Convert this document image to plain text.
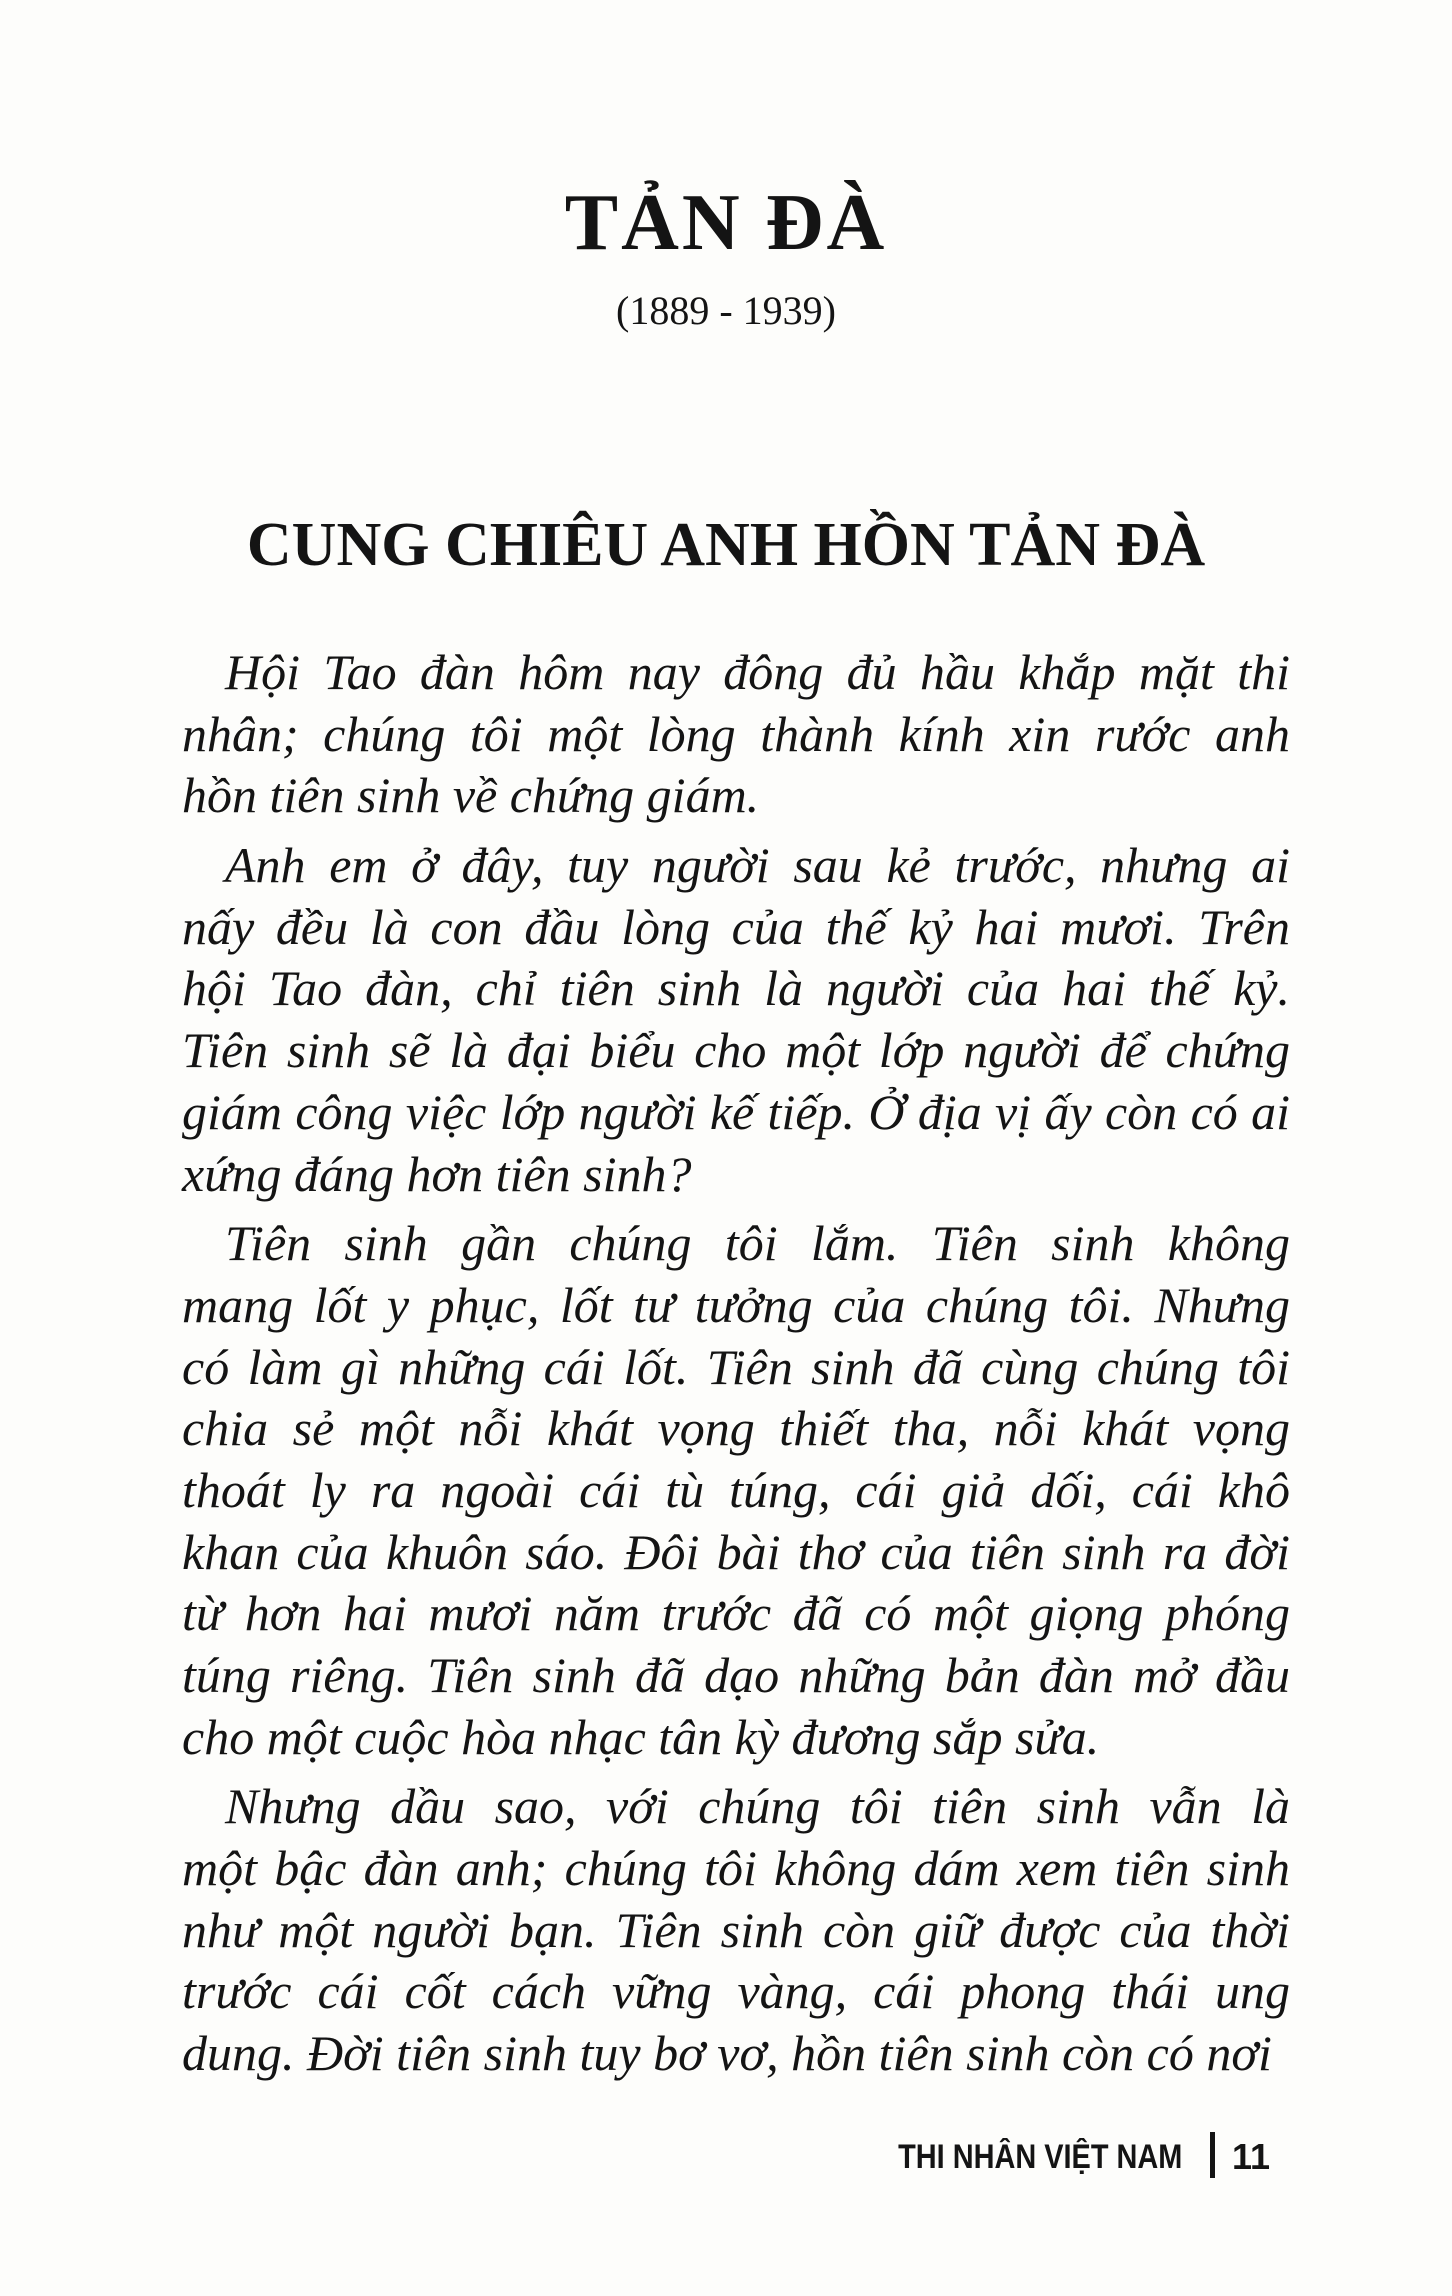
TẢN ĐÀ
(1889 - 1939)
CUNG CHIÊU ANH HỒN TẢN ĐÀ
Hội Tao đàn hôm nay đông đủ hầu khắp mặt thi
nhân; chúng tôi một lòng thành kính xin rước anh
hồn tiên sinh về chứng giám.
Anh em ở đây, tuy người sau kẻ trước, nhưng ai
nấy đều là con đầu lòng của thế kỷ hai mươi. Trên
hội Tao đàn, chỉ tiên sinh là người của hai thế kỷ.
Tiên sinh sẽ là đại biểu cho một lớp người để chứng
giám công việc lớp người kế tiếp. Ở địa vị ấy còn có ai
xứng đáng hơn tiên sinh?
Tiên sinh gần chúng tôi lắm. Tiên sinh không
mang lốt y phục, lốt tư tưởng của chúng tôi. Nhưng
có làm gì những cái lốt. Tiên sinh đã cùng chúng tôi
chia sẻ một nỗi khát vọng thiết tha, nỗi khát vọng
thoát ly ra ngoài cái tù túng, cái giả dối, cái khô
khan của khuôn sáo. Đôi bài thơ của tiên sinh ra đời
từ hơn hai mươi năm trước đã có một giọng phóng
túng riêng. Tiên sinh đã dạo những bản đàn mở đầu
cho một cuộc hòa nhạc tân kỳ đương sắp sửa.
Nhưng dầu sao, với chúng tôi tiên sinh vẫn là
một bậc đàn anh; chúng tôi không dám xem tiên sinh
như một người bạn. Tiên sinh còn giữ được của thời
trước cái cốt cách vững vàng, cái phong thái ung
dung. Đời tiên sinh tuy bơ vơ, hồn tiên sinh còn có nơi
THI NHÂN VIỆT NAM 11
